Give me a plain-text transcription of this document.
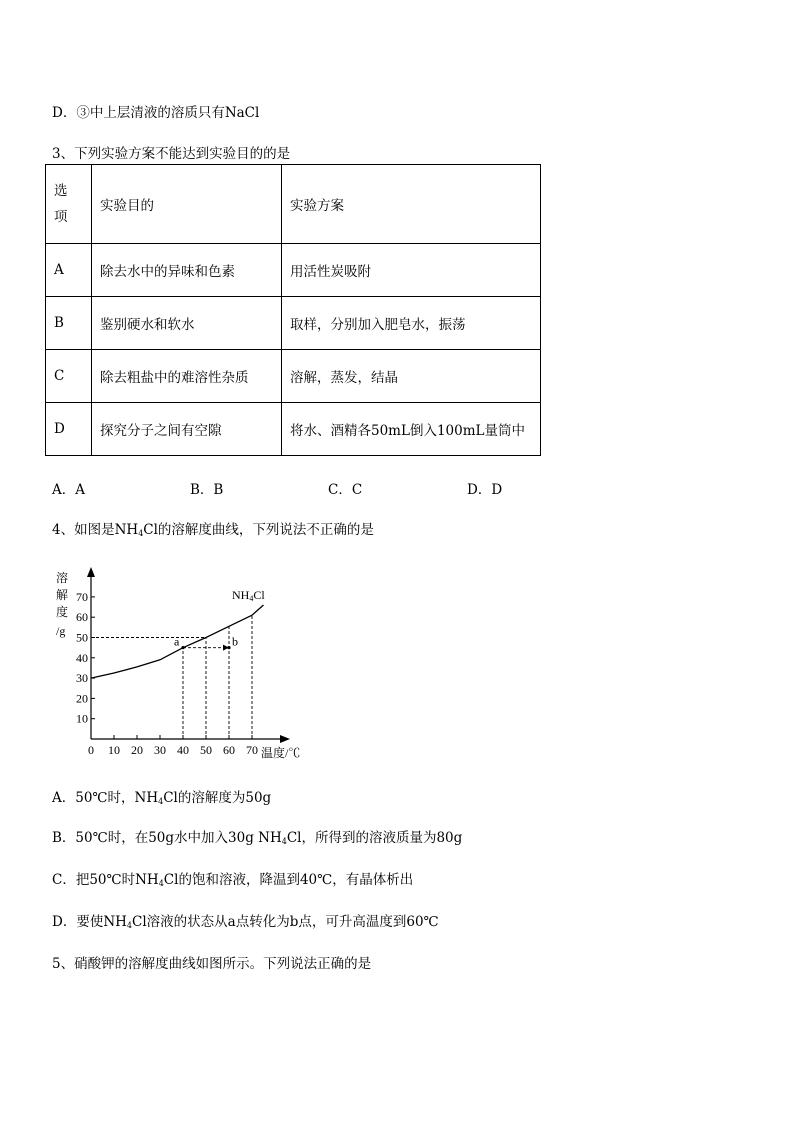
D．③中上层清液的溶质只有NaCl
3、下列实验方案不能达到实验目的的是
选项	实验目的	实验方案
A	除去水中的异味和色素	用活性炭吸附
B	鉴别硬水和软水	取样，分别加入肥皂水，振荡
C	除去粗盐中的难溶性杂质	溶解，蒸发，结晶
D	探究分子之间有空隙	将水、酒精各50mL倒入100mL量筒中
A．A	B．B	C．C	D．D
4、如图是$NH_4Cl$的溶解度曲线，下列说法不正确的是
溶
解
度
/g
温度/℃
NH4Cl
0 10 20 30 40 50 60 70
10
20
30
40
50
60
70
a	b
A．50℃时，$NH_4Cl$的溶解度为50g
B．50℃时，在50g水中加入30g $NH_4Cl$，所得到的溶液质量为80g
C．把50℃时$NH_4Cl$的饱和溶液，降温到40℃，有晶体析出
D．要使$NH_4Cl$溶液的状态从a点转化为b点，可升高温度到60℃
5、硝酸钾的溶解度曲线如图所示。下列说法正确的是
